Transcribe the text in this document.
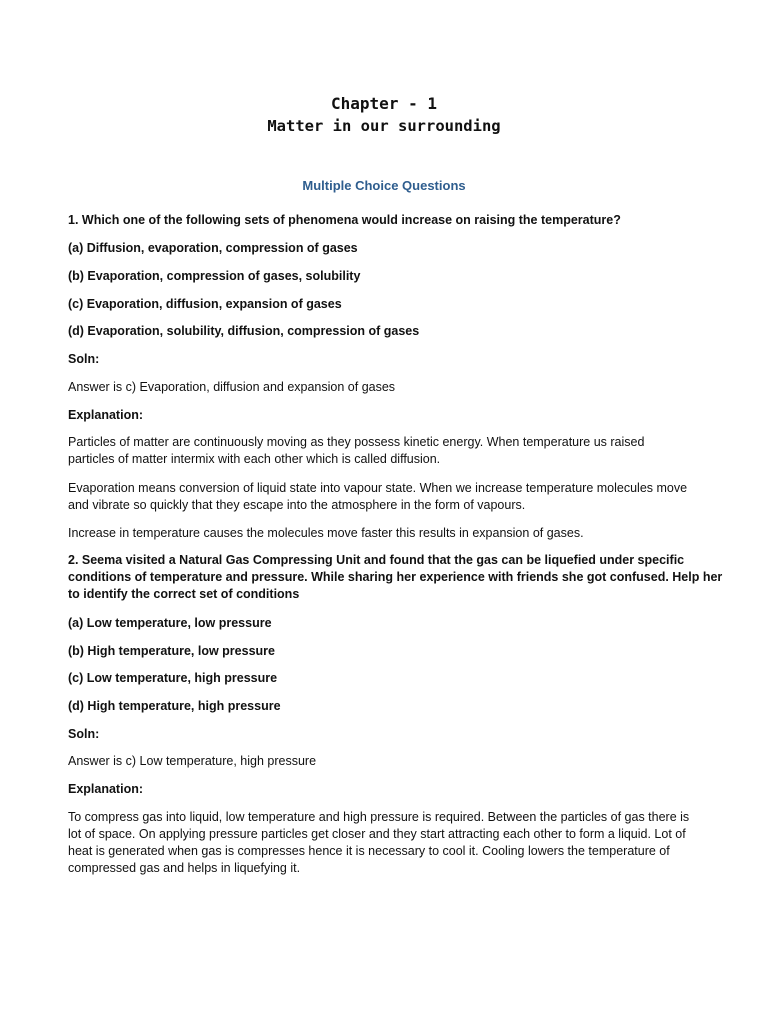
Chapter - 1
Matter in our surrounding
Multiple Choice Questions
1. Which one of the following sets of phenomena would increase on raising the temperature?
(a) Diffusion, evaporation, compression of gases
(b) Evaporation, compression of gases, solubility
(c) Evaporation, diffusion, expansion of gases
(d) Evaporation, solubility, diffusion, compression of gases
Soln:
Answer is c) Evaporation, diffusion and expansion of gases
Explanation:
Particles of matter are continuously moving as they possess kinetic energy. When temperature us raised
particles of matter intermix with each other which is called diffusion.
Evaporation means conversion of liquid state into vapour state. When we increase temperature molecules move
and vibrate so quickly that they escape into the atmosphere in the form of vapours.
Increase in temperature causes the molecules move faster this results in expansion of gases.
2. Seema visited a Natural Gas Compressing Unit and found that the gas can be liquefied under specific
conditions of temperature and pressure. While sharing her experience with friends she got confused. Help her
to identify the correct set of conditions
(a) Low temperature, low pressure
(b) High temperature, low pressure
(c) Low temperature, high pressure
(d) High temperature, high pressure
Soln:
Answer is c) Low temperature, high pressure
Explanation:
To compress gas into liquid, low temperature and high pressure is required. Between the particles of gas there is
lot of space. On applying pressure particles get closer and they start attracting each other to form a liquid. Lot of
heat is generated when gas is compresses hence it is necessary to cool it. Cooling lowers the temperature of
compressed gas and helps in liquefying it.
